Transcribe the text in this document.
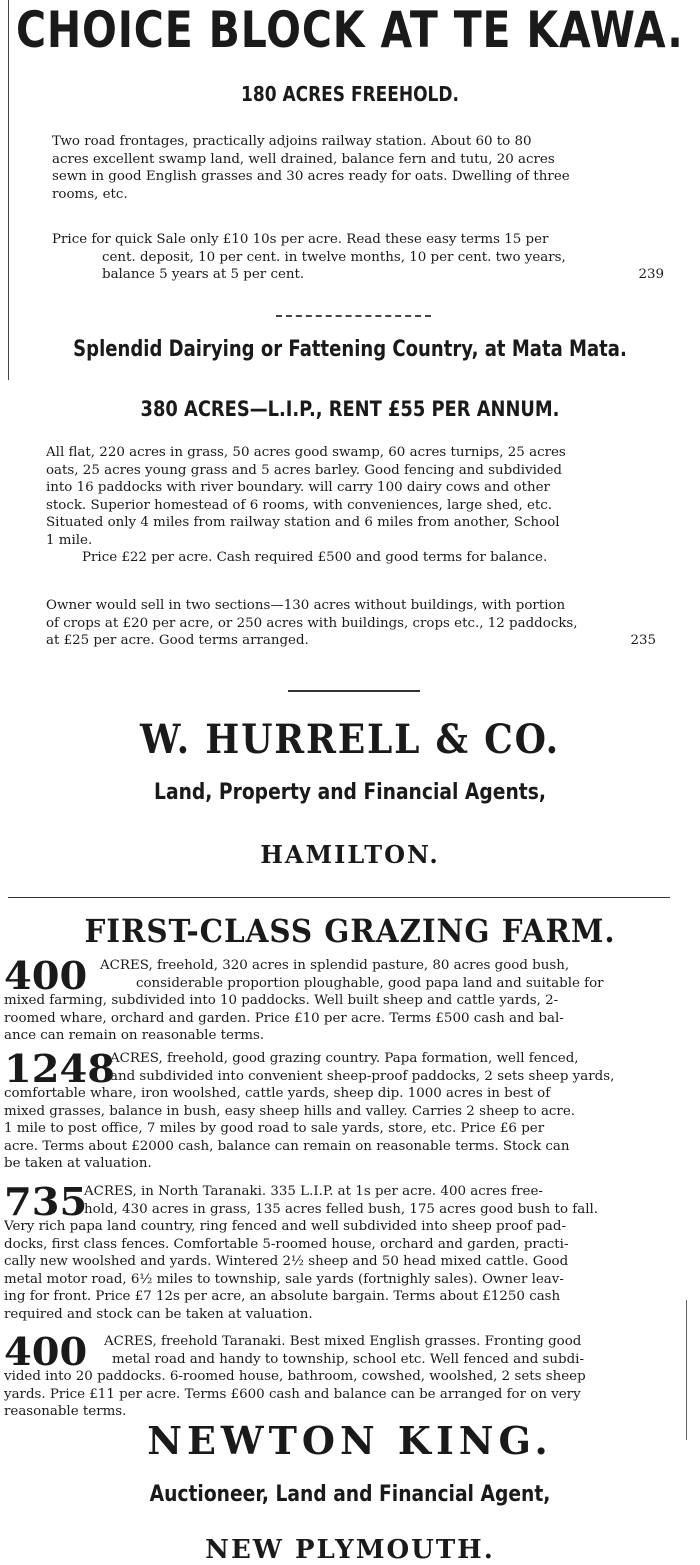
CHOICE BLOCK AT TE KAWA.
180 ACRES FREEHOLD.
Two road frontages, practically adjoins railway station. About 60 to 80
acres excellent swamp land, well drained, balance fern and tutu, 20 acres
sewn in good English grasses and 30 acres ready for oats. Dwelling of three
rooms, etc.
Price for quick Sale only £10 10s per acre. Read these easy terms 15 per
cent. deposit, 10 per cent. in twelve months, 10 per cent. two years,
balance 5 years at 5 per cent.	239
Splendid Dairying or Fattening Country, at Mata Mata.
380 ACRES—L.I.P., RENT £55 PER ANNUM.
All flat, 220 acres in grass, 50 acres good swamp, 60 acres turnips, 25 acres
oats, 25 acres young grass and 5 acres barley. Good fencing and subdivided
into 16 paddocks with river boundary. will carry 100 dairy cows and other
stock. Superior homestead of 6 rooms, with conveniences, large shed, etc.
Situated only 4 miles from railway station and 6 miles from another, School
1 mile.
Price £22 per acre. Cash required £500 and good terms for balance.
Owner would sell in two sections—130 acres without buildings, with portion
of crops at £20 per acre, or 250 acres with buildings, crops etc., 12 paddocks,
at £25 per acre. Good terms arranged.	235
W. HURRELL & CO.
Land, Property and Financial Agents,
HAMILTON.
FIRST-CLASS GRAZING FARM.
400 ACRES, freehold, 320 acres in splendid pasture, 80 acres good bush,
considerable proportion ploughable, good papa land and suitable for
mixed farming, subdivided into 10 paddocks. Well built sheep and cattle yards, 2-
roomed whare, orchard and garden. Price £10 per acre. Terms £500 cash and bal-
ance can remain on reasonable terms.
1248
ACRES, freehold, good grazing country. Papa formation, well fenced,
and subdivided into convenient sheep-proof paddocks, 2 sets sheep yards,
comfortable whare, iron woolshed, cattle yards, sheep dip. 1000 acres in best of
mixed grasses, balance in bush, easy sheep hills and valley. Carries 2 sheep to acre.
1 mile to post office, 7 miles by good road to sale yards, store, etc. Price £6 per
acre. Terms about £2000 cash, balance can remain on reasonable terms. Stock can
be taken at valuation.
735
ACRES, in North Taranaki. 335 L.I.P. at 1s per acre. 400 acres free-
hold, 430 acres in grass, 135 acres felled bush, 175 acres good bush to fall.
Very rich papa land country, ring fenced and well subdivided into sheep proof pad-
docks, first class fences. Comfortable 5-roomed house, orchard and garden, practi-
cally new woolshed and yards. Wintered 2½ sheep and 50 head mixed cattle. Good
metal motor road, 6½ miles to township, sale yards (fortnighly sales). Owner leav-
ing for front. Price £7 12s per acre, an absolute bargain. Terms about £1250 cash
required and stock can be taken at valuation.
400	ACRES, freehold Taranaki. Best mixed English grasses. Fronting good
metal road and handy to township, school etc. Well fenced and subdi-
vided into 20 paddocks. 6-roomed house, bathroom, cowshed, woolshed, 2 sets sheep
yards. Price £11 per acre. Terms £600 cash and balance can be arranged for on very
reasonable terms.
NEWTON KING.
Auctioneer, Land and Financial Agent,
NEW PLYMOUTH.
